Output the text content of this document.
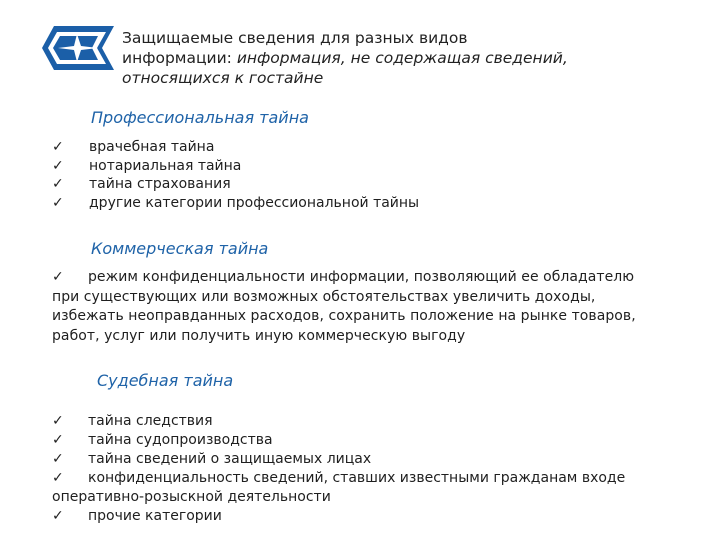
Защищаемые сведения для разных видов
информации: информация, не содержащая сведений,
относящихся к гостайне
Профессиональная тайна
✓ врачебная тайна
✓ нотариальная тайна
✓ тайна страхования
✓ другие категории профессиональной тайны
Коммерческая тайна
✓ режим конфиденциальности информации, позволяющий ее обладателю при существующих или возможных обстоятельствах увеличить доходы, избежать неоправданных расходов, сохранить положение на рынке товаров, работ, услуг или получить иную коммерческую выгоду
Судебная тайна
✓ тайна следствия
✓ тайна судопроизводства
✓ тайна сведений о защищаемых лицах
✓ конфиденциальность сведений, ставших известными гражданам входе оперативно-розыскной деятельности
✓ прочие категории
